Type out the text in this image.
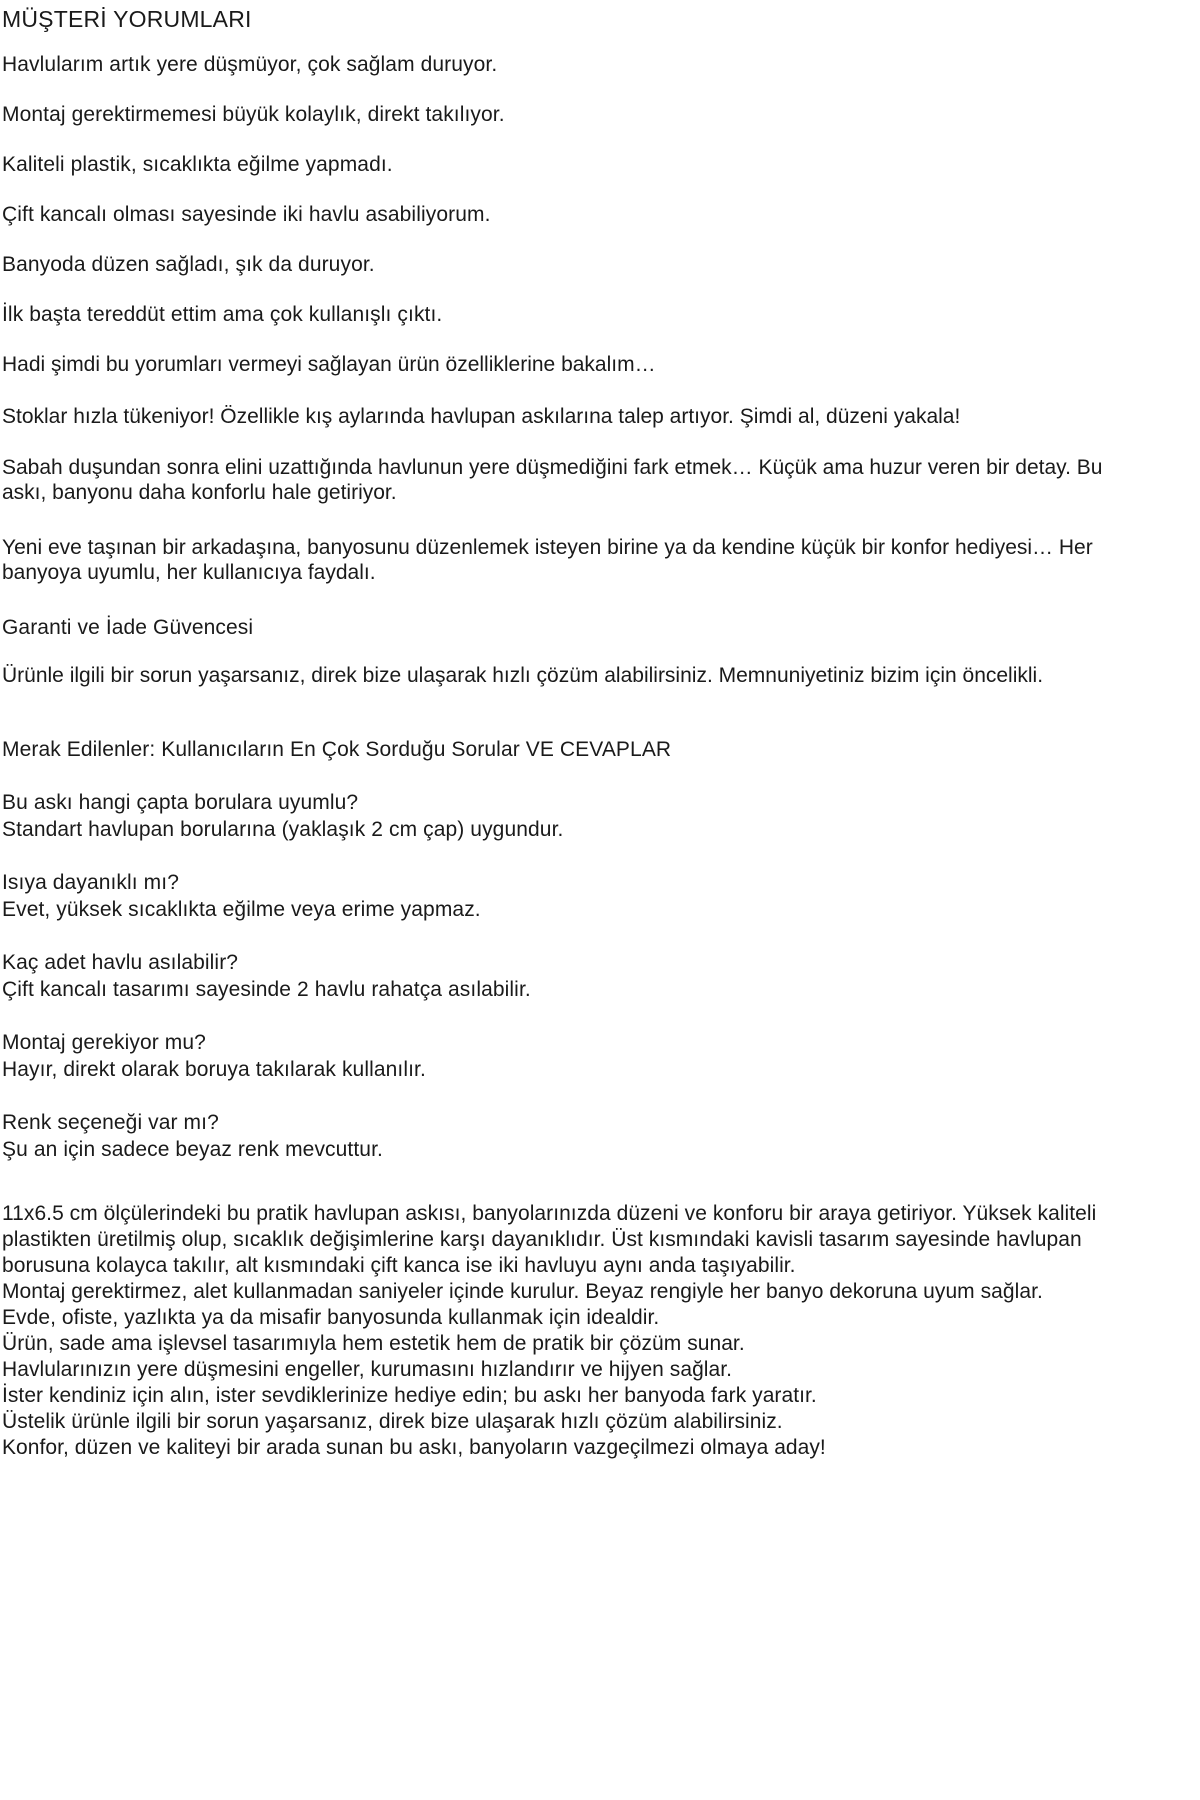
MÜŞTERİ YORUMLARI
Havlularım artık yere düşmüyor, çok sağlam duruyor.
Montaj gerektirmemesi büyük kolaylık, direkt takılıyor.
Kaliteli plastik, sıcaklıkta eğilme yapmadı.
Çift kancalı olması sayesinde iki havlu asabiliyorum.
Banyoda düzen sağladı, şık da duruyor.
İlk başta tereddüt ettim ama çok kullanışlı çıktı.

Hadi şimdi bu yorumları vermeyi sağlayan ürün özelliklerine bakalım…

Stoklar hızla tükeniyor! Özellikle kış aylarında havlupan askılarına talep artıyor. Şimdi al, düzeni yakala!

Sabah duşundan sonra elini uzattığında havlunun yere düşmediğini fark etmek… Küçük ama huzur veren bir detay. Bu askı, banyonu daha konforlu hale getiriyor.

Yeni eve taşınan bir arkadaşına, banyosunu düzenlemek isteyen birine ya da kendine küçük bir konfor hediyesi… Her banyoya uyumlu, her kullanıcıya faydalı.

Garanti ve İade Güvencesi

Ürünle ilgili bir sorun yaşarsanız, direk bize ulaşarak hızlı çözüm alabilirsiniz. Memnuniyetiniz bizim için öncelikli.

Merak Edilenler: Kullanıcıların En Çok Sorduğu Sorular VE CEVAPLAR

Bu askı hangi çapta borulara uyumlu?

Standart havlupan borularına (yaklaşık 2 cm çap) uygundur.

Isıya dayanıklı mı?

Evet, yüksek sıcaklıkta eğilme veya erime yapmaz.

Kaç adet havlu asılabilir?

Çift kancalı tasarımı sayesinde 2 havlu rahatça asılabilir.

Montaj gerekiyor mu?

Hayır, direkt olarak boruya takılarak kullanılır.

Renk seçeneği var mı?

Şu an için sadece beyaz renk mevcuttur.

11x6.5 cm ölçülerindeki bu pratik havlupan askısı, banyolarınızda düzeni ve konforu bir araya getiriyor. Yüksek kaliteli plastikten üretilmiş olup, sıcaklık değişimlerine karşı dayanıklıdır. Üst kısmındaki kavisli tasarım sayesinde havlupan borusuna kolayca takılır, alt kısmındaki çift kanca ise iki havluyu aynı anda taşıyabilir.
Montaj gerektirmez, alet kullanmadan saniyeler içinde kurulur. Beyaz rengiyle her banyo dekoruna uyum sağlar.
Evde, ofiste, yazlıkta ya da misafir banyosunda kullanmak için idealdir.
Ürün, sade ama işlevsel tasarımıyla hem estetik hem de pratik bir çözüm sunar.
Havlularınızın yere düşmesini engeller, kurumasını hızlandırır ve hijyen sağlar.
İster kendiniz için alın, ister sevdiklerinize hediye edin; bu askı her banyoda fark yaratır.
Üstelik ürünle ilgili bir sorun yaşarsanız, direk bize ulaşarak hızlı çözüm alabilirsiniz.
Konfor, düzen ve kaliteyi bir arada sunan bu askı, banyoların vazgeçilmezi olmaya aday!
